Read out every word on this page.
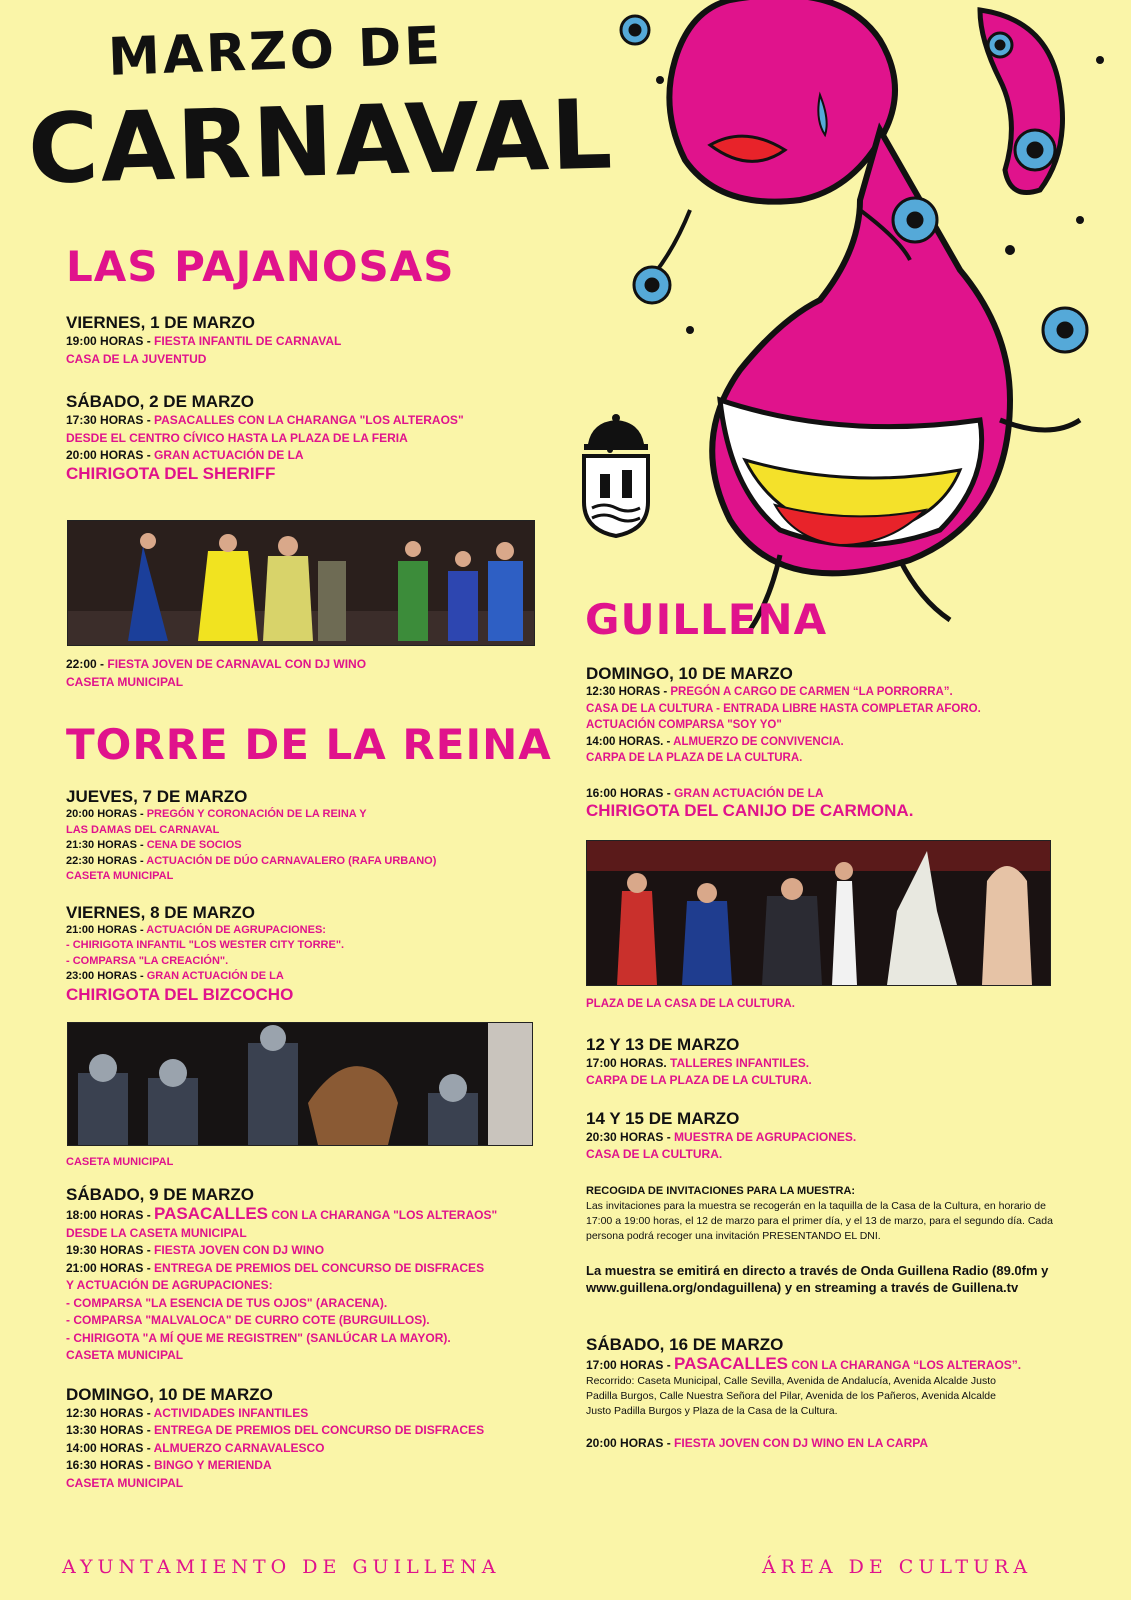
MARZO DE
CARNAVAL
LAS PAJANOSAS
VIERNES, 1 DE MARZO
19:00 HORAS - FIESTA INFANTIL DE CARNAVAL
CASA DE LA JUVENTUD
SÁBADO, 2 DE MARZO
17:30 HORAS - PASACALLES CON LA CHARANGA "LOS ALTERAOS"
DESDE EL CENTRO CÍVICO HASTA LA PLAZA DE LA FERIA
20:00 HORAS - GRAN ACTUACIÓN DE LA
CHIRIGOTA DEL SHERIFF
22:00 - FIESTA JOVEN DE CARNAVAL CON DJ WINO
CASETA MUNICIPAL
TORRE DE LA REINA
JUEVES, 7 DE MARZO
20:00 HORAS - PREGÓN Y CORONACIÓN DE LA REINA Y
LAS DAMAS DEL CARNAVAL
21:30 HORAS - CENA DE SOCIOS
22:30 HORAS - ACTUACIÓN DE DÚO CARNAVALERO (RAFA URBANO)
CASETA MUNICIPAL
VIERNES, 8 DE MARZO
21:00 HORAS - ACTUACIÓN DE AGRUPACIONES:
- CHIRIGOTA INFANTIL "LOS WESTER CITY TORRE".
- COMPARSA "LA CREACIÓN".
23:00 HORAS - GRAN ACTUACIÓN DE LA
CHIRIGOTA DEL BIZCOCHO
CASETA MUNICIPAL
SÁBADO, 9 DE MARZO
18:00 HORAS - PASACALLES CON LA CHARANGA "LOS ALTERAOS"
DESDE LA CASETA MUNICIPAL
19:30 HORAS - FIESTA JOVEN CON DJ WINO
21:00 HORAS - ENTREGA DE PREMIOS DEL CONCURSO DE DISFRACES
Y ACTUACIÓN DE AGRUPACIONES:
- COMPARSA "LA ESENCIA DE TUS OJOS" (ARACENA).
- COMPARSA "MALVALOCA" DE CURRO COTE (BURGUILLOS).
- CHIRIGOTA "A MÍ QUE ME REGISTREN" (SANLÚCAR LA MAYOR).
CASETA MUNICIPAL
DOMINGO, 10 DE MARZO
12:30 HORAS - ACTIVIDADES INFANTILES
13:30 HORAS - ENTREGA DE PREMIOS DEL CONCURSO DE DISFRACES
14:00 HORAS - ALMUERZO CARNAVALESCO
16:30 HORAS - BINGO Y MERIENDA
CASETA MUNICIPAL
GUILLENA
DOMINGO, 10 DE MARZO
12:30 HORAS - PREGÓN A CARGO DE CARMEN “LA PORRORRA”.
CASA DE LA CULTURA - ENTRADA LIBRE HASTA COMPLETAR AFORO.
ACTUACIÓN COMPARSA "SOY YO"
14:00 HORAS. - ALMUERZO DE CONVIVENCIA.
CARPA DE LA PLAZA DE LA CULTURA.
16:00 HORAS - GRAN ACTUACIÓN DE LA
CHIRIGOTA DEL CANIJO DE CARMONA.
PLAZA DE LA CASA DE LA CULTURA.
12 Y 13 DE MARZO
17:00 HORAS. TALLERES INFANTILES.
CARPA DE LA PLAZA DE LA CULTURA.
14 Y 15 DE MARZO
20:30 HORAS - MUESTRA DE AGRUPACIONES.
CASA DE LA CULTURA.
RECOGIDA DE INVITACIONES PARA LA MUESTRA:
Las invitaciones para la muestra se recogerán en la taquilla de la Casa de la Cultura, en horario de 17:00 a 19:00 horas, el 12 de marzo para el primer día, y el 13 de marzo, para el segundo día. Cada persona podrá recoger una invitación PRESENTANDO EL DNI.
La muestra se emitirá en directo a través de Onda Guillena Radio (89.0fm y www.guillena.org/ondaguillena) y en streaming a través de Guillena.tv
SÁBADO, 16 DE MARZO
17:00 HORAS - PASACALLES CON LA CHARANGA “LOS ALTERAOS”.
Recorrido: Caseta Municipal, Calle Sevilla, Avenida de Andalucía, Avenida Alcalde Justo Padilla Burgos, Calle Nuestra Señora del Pilar, Avenida de los Pañeros, Avenida Alcalde Justo Padilla Burgos y Plaza de la Casa de la Cultura.
20:00 HORAS - FIESTA JOVEN CON DJ WINO EN LA CARPA
AYUNTAMIENTO DE GUILLENA	ÁREA DE CULTURA
